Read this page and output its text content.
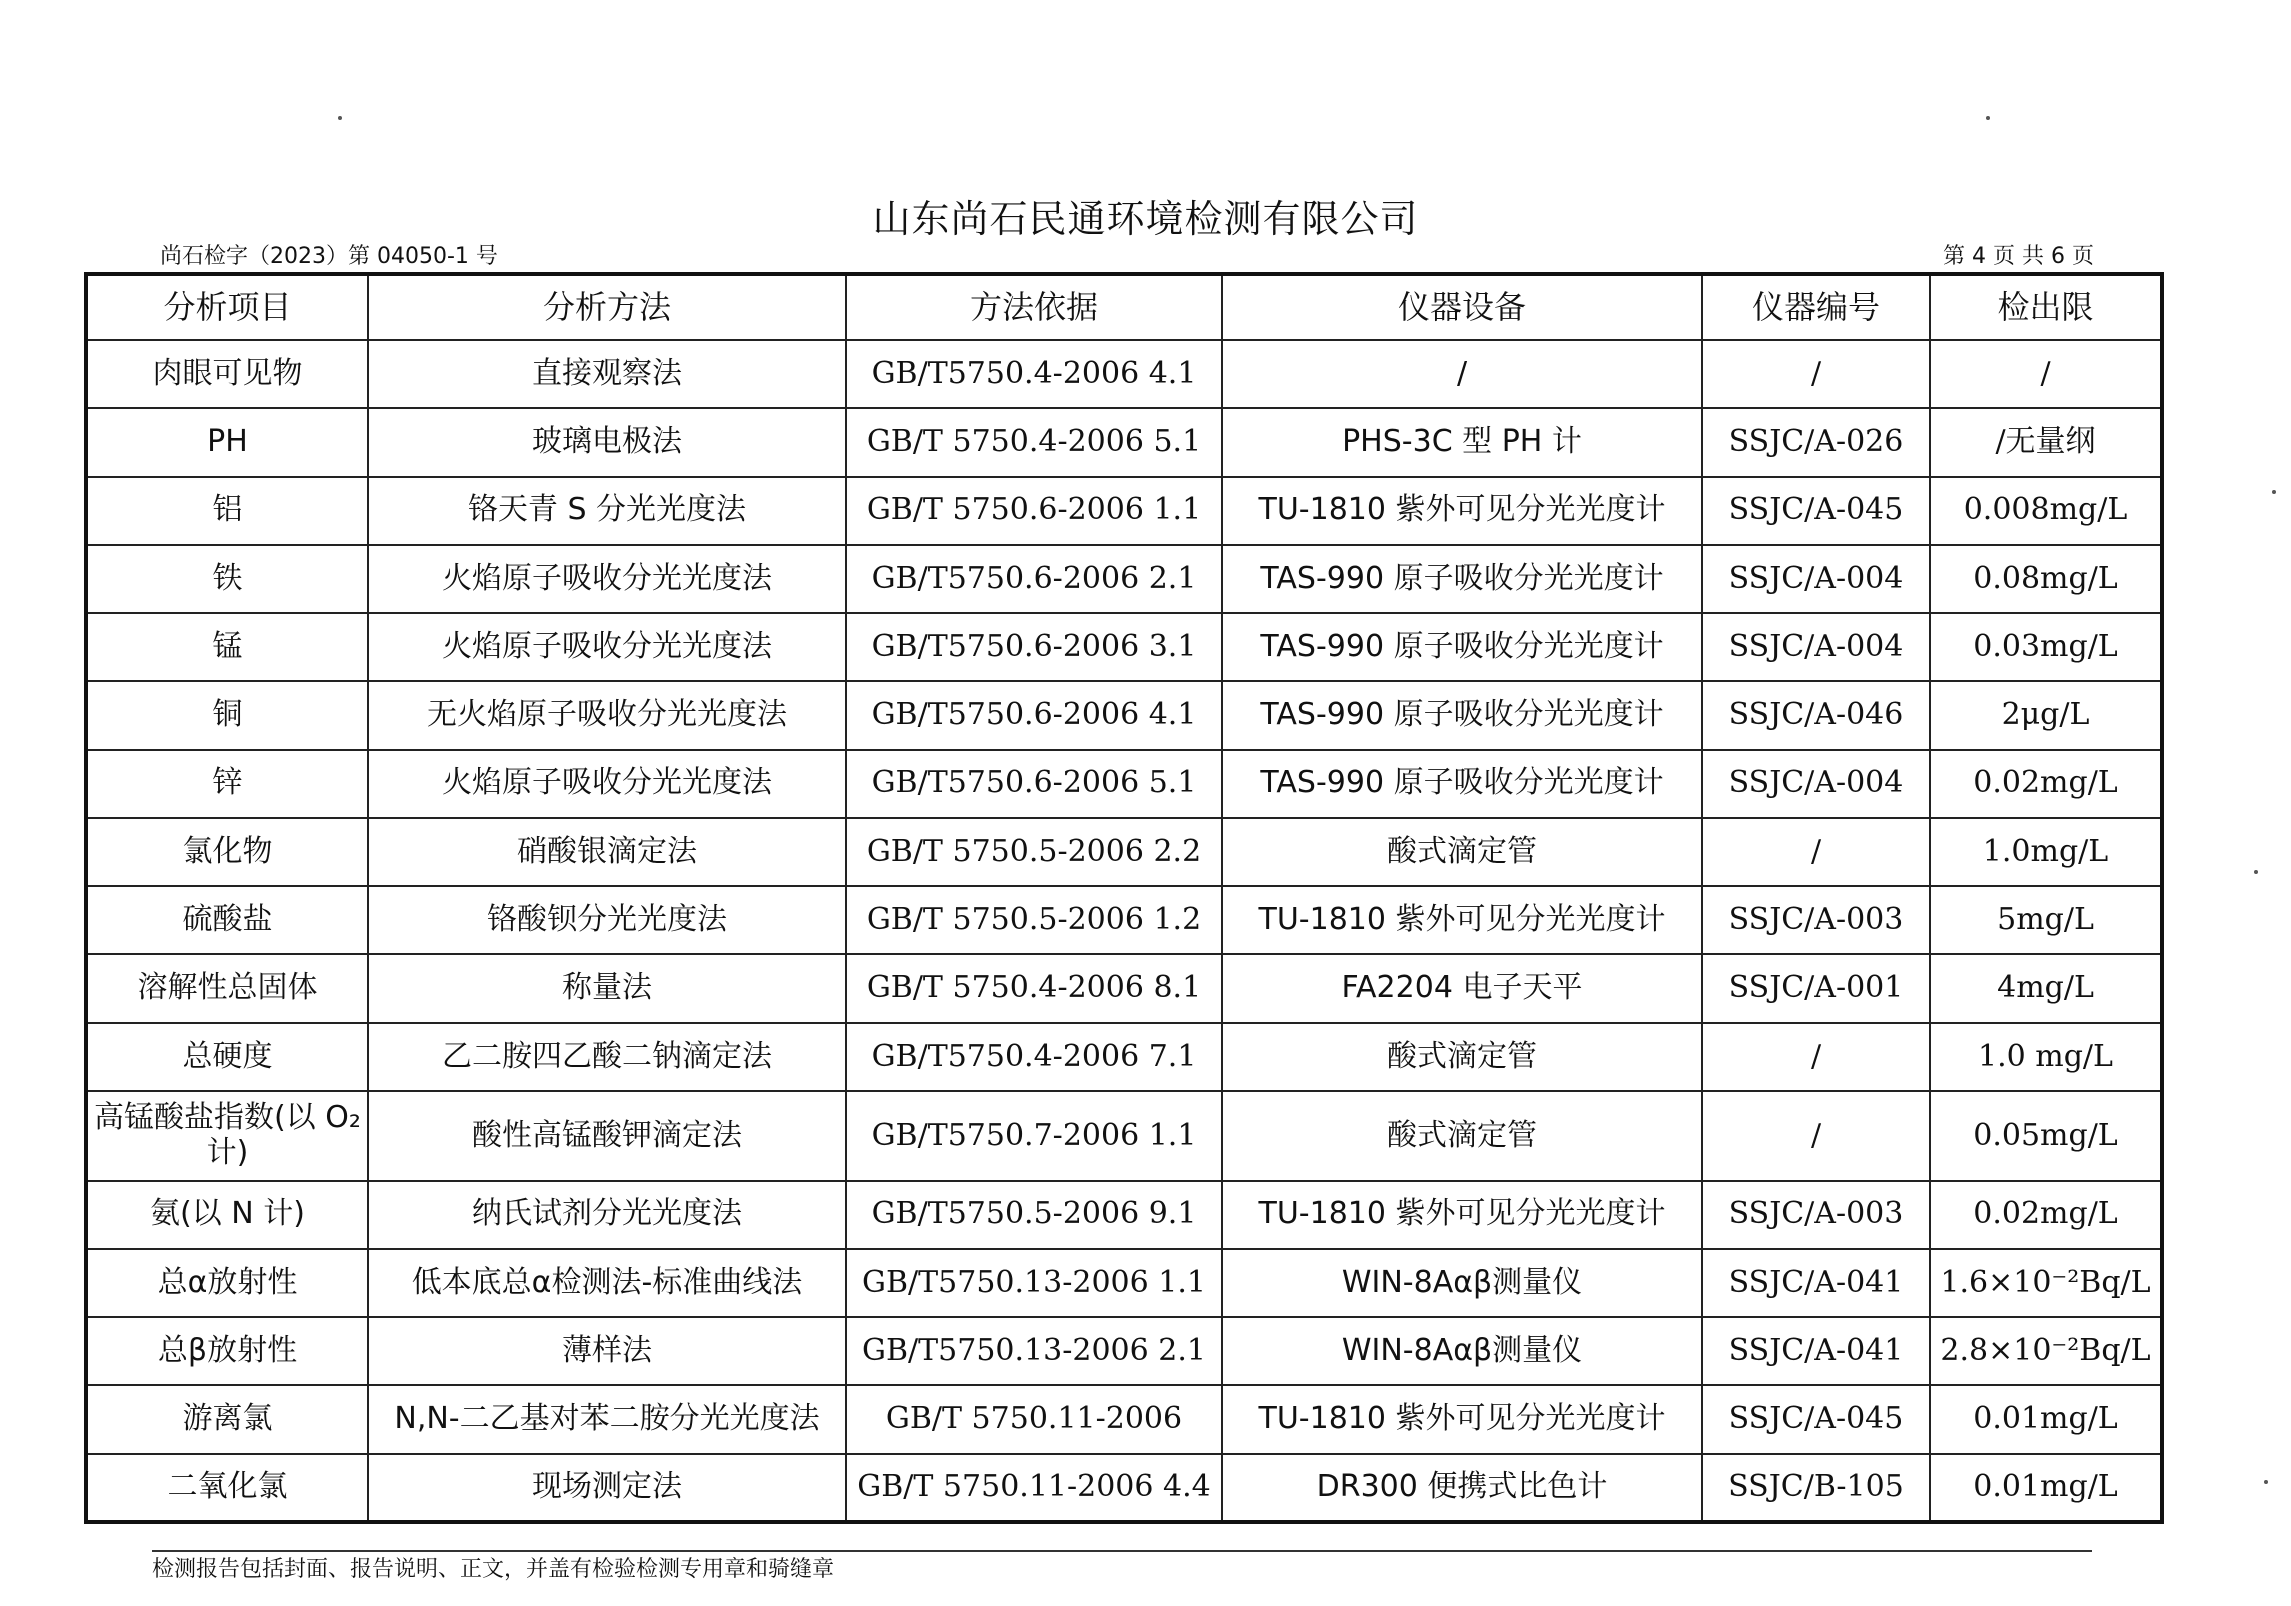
山东尚石民通环境检测有限公司
尚石检字（2023）第 04050-1 号	第 4 页 共 6 页
分析项目	分析方法	方法依据	仪器设备	仪器编号	检出限
肉眼可见物	直接观察法	GB/T5750.4-2006 4.1	/	/	/
PH	玻璃电极法	GB/T 5750.4-2006 5.1	PHS-3C 型 PH 计	SSJC/A-026	/无量纲
铝	铬天青 S 分光光度法	GB/T 5750.6-2006 1.1	TU-1810 紫外可见分光光度计	SSJC/A-045	0.008mg/L
铁	火焰原子吸收分光光度法	GB/T5750.6-2006 2.1	TAS-990 原子吸收分光光度计	SSJC/A-004	0.08mg/L
锰	火焰原子吸收分光光度法	GB/T5750.6-2006 3.1	TAS-990 原子吸收分光光度计	SSJC/A-004	0.03mg/L
铜	无火焰原子吸收分光光度法	GB/T5750.6-2006 4.1	TAS-990 原子吸收分光光度计	SSJC/A-046	2μg/L
锌	火焰原子吸收分光光度法	GB/T5750.6-2006 5.1	TAS-990 原子吸收分光光度计	SSJC/A-004	0.02mg/L
氯化物	硝酸银滴定法	GB/T 5750.5-2006 2.2	酸式滴定管	/	1.0mg/L
硫酸盐	铬酸钡分光光度法	GB/T 5750.5-2006 1.2	TU-1810 紫外可见分光光度计	SSJC/A-003	5mg/L
溶解性总固体	称量法	GB/T 5750.4-2006 8.1	FA2204 电子天平	SSJC/A-001	4mg/L
总硬度	乙二胺四乙酸二钠滴定法	GB/T5750.4-2006 7.1	酸式滴定管	/	1.0 mg/L
高锰酸盐指数(以 O₂ 计)	酸性高锰酸钾滴定法	GB/T5750.7-2006 1.1	酸式滴定管	/	0.05mg/L
氨(以 N 计)	纳氏试剂分光光度法	GB/T5750.5-2006 9.1	TU-1810 紫外可见分光光度计	SSJC/A-003	0.02mg/L
总α放射性	低本底总α检测法-标准曲线法	GB/T5750.13-2006 1.1	WIN-8Aαβ测量仪	SSJC/A-041	1.6×10⁻²Bq/L
总β放射性	薄样法	GB/T5750.13-2006 2.1	WIN-8Aαβ测量仪	SSJC/A-041	2.8×10⁻²Bq/L
游离氯	N,N-二乙基对苯二胺分光光度法	GB/T 5750.11-2006	TU-1810 紫外可见分光光度计	SSJC/A-045	0.01mg/L
二氧化氯	现场测定法	GB/T 5750.11-2006 4.4	DR300 便携式比色计	SSJC/B-105	0.01mg/L
检测报告包括封面、报告说明、正文，并盖有检验检测专用章和骑缝章
